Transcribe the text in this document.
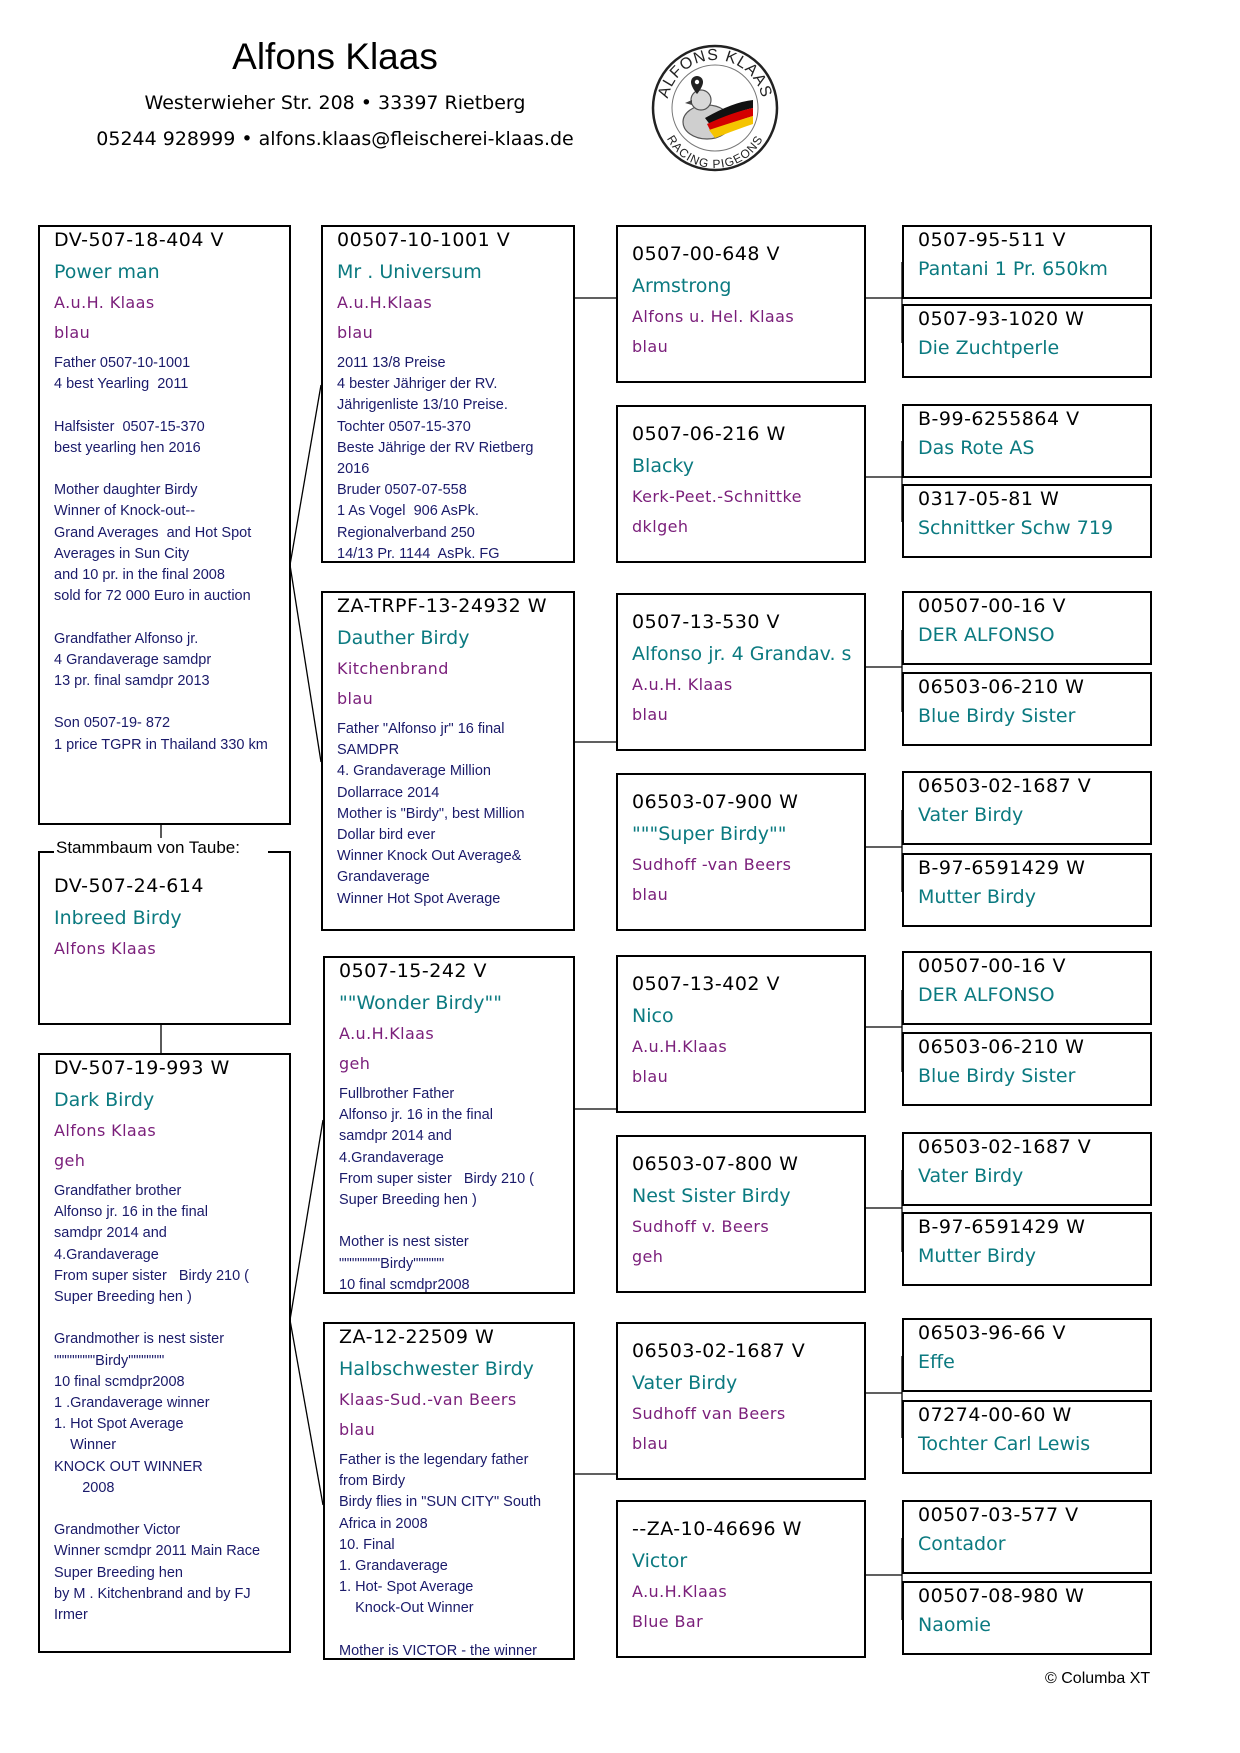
Alfons Klaas
Westerwieher Str. 208 • 33397 Rietberg
05244 928999 • alfons.klaas@fleischerei-klaas.de
ALFONS KLAAS
RACING PIGEONS
DV-507-18-404 V
Power man
A.u.H. Klaas
blau
Father 0507-10-1001
4 best Yearling  2011

Halfsister  0507-15-370
best yearling hen 2016

Mother daughter Birdy
Winner of Knock-out--
Grand Averages  and Hot Spot
Averages in Sun City
and 10 pr. in the final 2008
sold for 72 000 Euro in auction

Grandfather Alfonso jr.
4 Grandaverage samdpr
13 pr. final samdpr 2013

Son 0507-19- 872
1 price TGPR in Thailand 330 km
DV-507-24-614
Inbreed Birdy
Alfons Klaas
Stammbaum von Taube:
DV-507-19-993 W
Dark Birdy
Alfons Klaas
geh
Grandfather brother
Alfonso jr. 16 in the final
samdpr 2014 and
4.Grandaverage
From super sister   Birdy 210 (
Super Breeding hen )

Grandmother is nest sister
""""""""Birdy"""""""
10 final scmdpr2008
1 .Grandaverage winner
1. Hot Spot Average
Winner
KNOCK OUT WINNER
2008

Grandmother Victor
Winner scmdpr 2011 Main Race
Super Breeding hen
by M . Kitchenbrand and by FJ
Irmer
00507-10-1001 V
Mr . Universum
A.u.H.Klaas
blau
2011 13/8 Preise
4 bester Jähriger der RV.
Jährigenliste 13/10 Preise.
Tochter 0507-15-370
Beste Jährige der RV Rietberg
2016
Bruder 0507-07-558
1 As Vogel  906 AsPk.
Regionalverband 250
14/13 Pr. 1144  AsPk. FG
ZA-TRPF-13-24932 W
Dauther Birdy
Kitchenbrand
blau
Father "Alfonso jr" 16 final
SAMDPR
4. Grandaverage Million
Dollarrace 2014
Mother is "Birdy", best Million
Dollar bird ever
Winner Knock Out Average&
Grandaverage
Winner Hot Spot Average
0507-15-242 V
""Wonder Birdy""
A.u.H.Klaas
geh
Fullbrother Father
Alfonso jr. 16 in the final
samdpr 2014 and
4.Grandaverage
From super sister   Birdy 210 (
Super Breeding hen )

Mother is nest sister
""""""""Birdy""""""
10 final scmdpr2008
ZA-12-22509 W
Halbschwester Birdy
Klaas-Sud.-van Beers
blau
Father is the legendary father
from Birdy
Birdy flies in "SUN CITY" South
Africa in 2008
10. Final
1. Grandaverage
1. Hot- Spot Average
Knock-Out Winner

Mother is VICTOR - the winner
0507-00-648 V
Armstrong
Alfons u. Hel. Klaas
blau
0507-06-216 W
Blacky
Kerk-Peet.-Schnittke
dklgeh
0507-13-530 V
Alfonso jr. 4 Grandav. s
A.u.H. Klaas
blau
06503-07-900 W
"""Super Birdy""
Sudhoff -van Beers
blau
0507-13-402 V
Nico
A.u.H.Klaas
blau
06503-07-800 W
Nest Sister Birdy
Sudhoff v. Beers
geh
06503-02-1687 V
Vater Birdy
Sudhoff van Beers
blau
--ZA-10-46696 W
Victor
A.u.H.Klaas
Blue Bar
0507-95-511 V
Pantani 1 Pr. 650km
0507-93-1020 W
Die Zuchtperle
B-99-6255864 V
Das Rote AS
0317-05-81 W
Schnittker Schw 719
00507-00-16 V
DER ALFONSO
06503-06-210 W
Blue Birdy Sister
06503-02-1687 V
Vater Birdy
B-97-6591429 W
Mutter Birdy
00507-00-16 V
DER ALFONSO
06503-06-210 W
Blue Birdy Sister
06503-02-1687 V
Vater Birdy
B-97-6591429 W
Mutter Birdy
06503-96-66 V
Effe
07274-00-60 W
Tochter Carl Lewis
00507-03-577 V
Contador
00507-08-980 W
Naomie
© Columba XT
